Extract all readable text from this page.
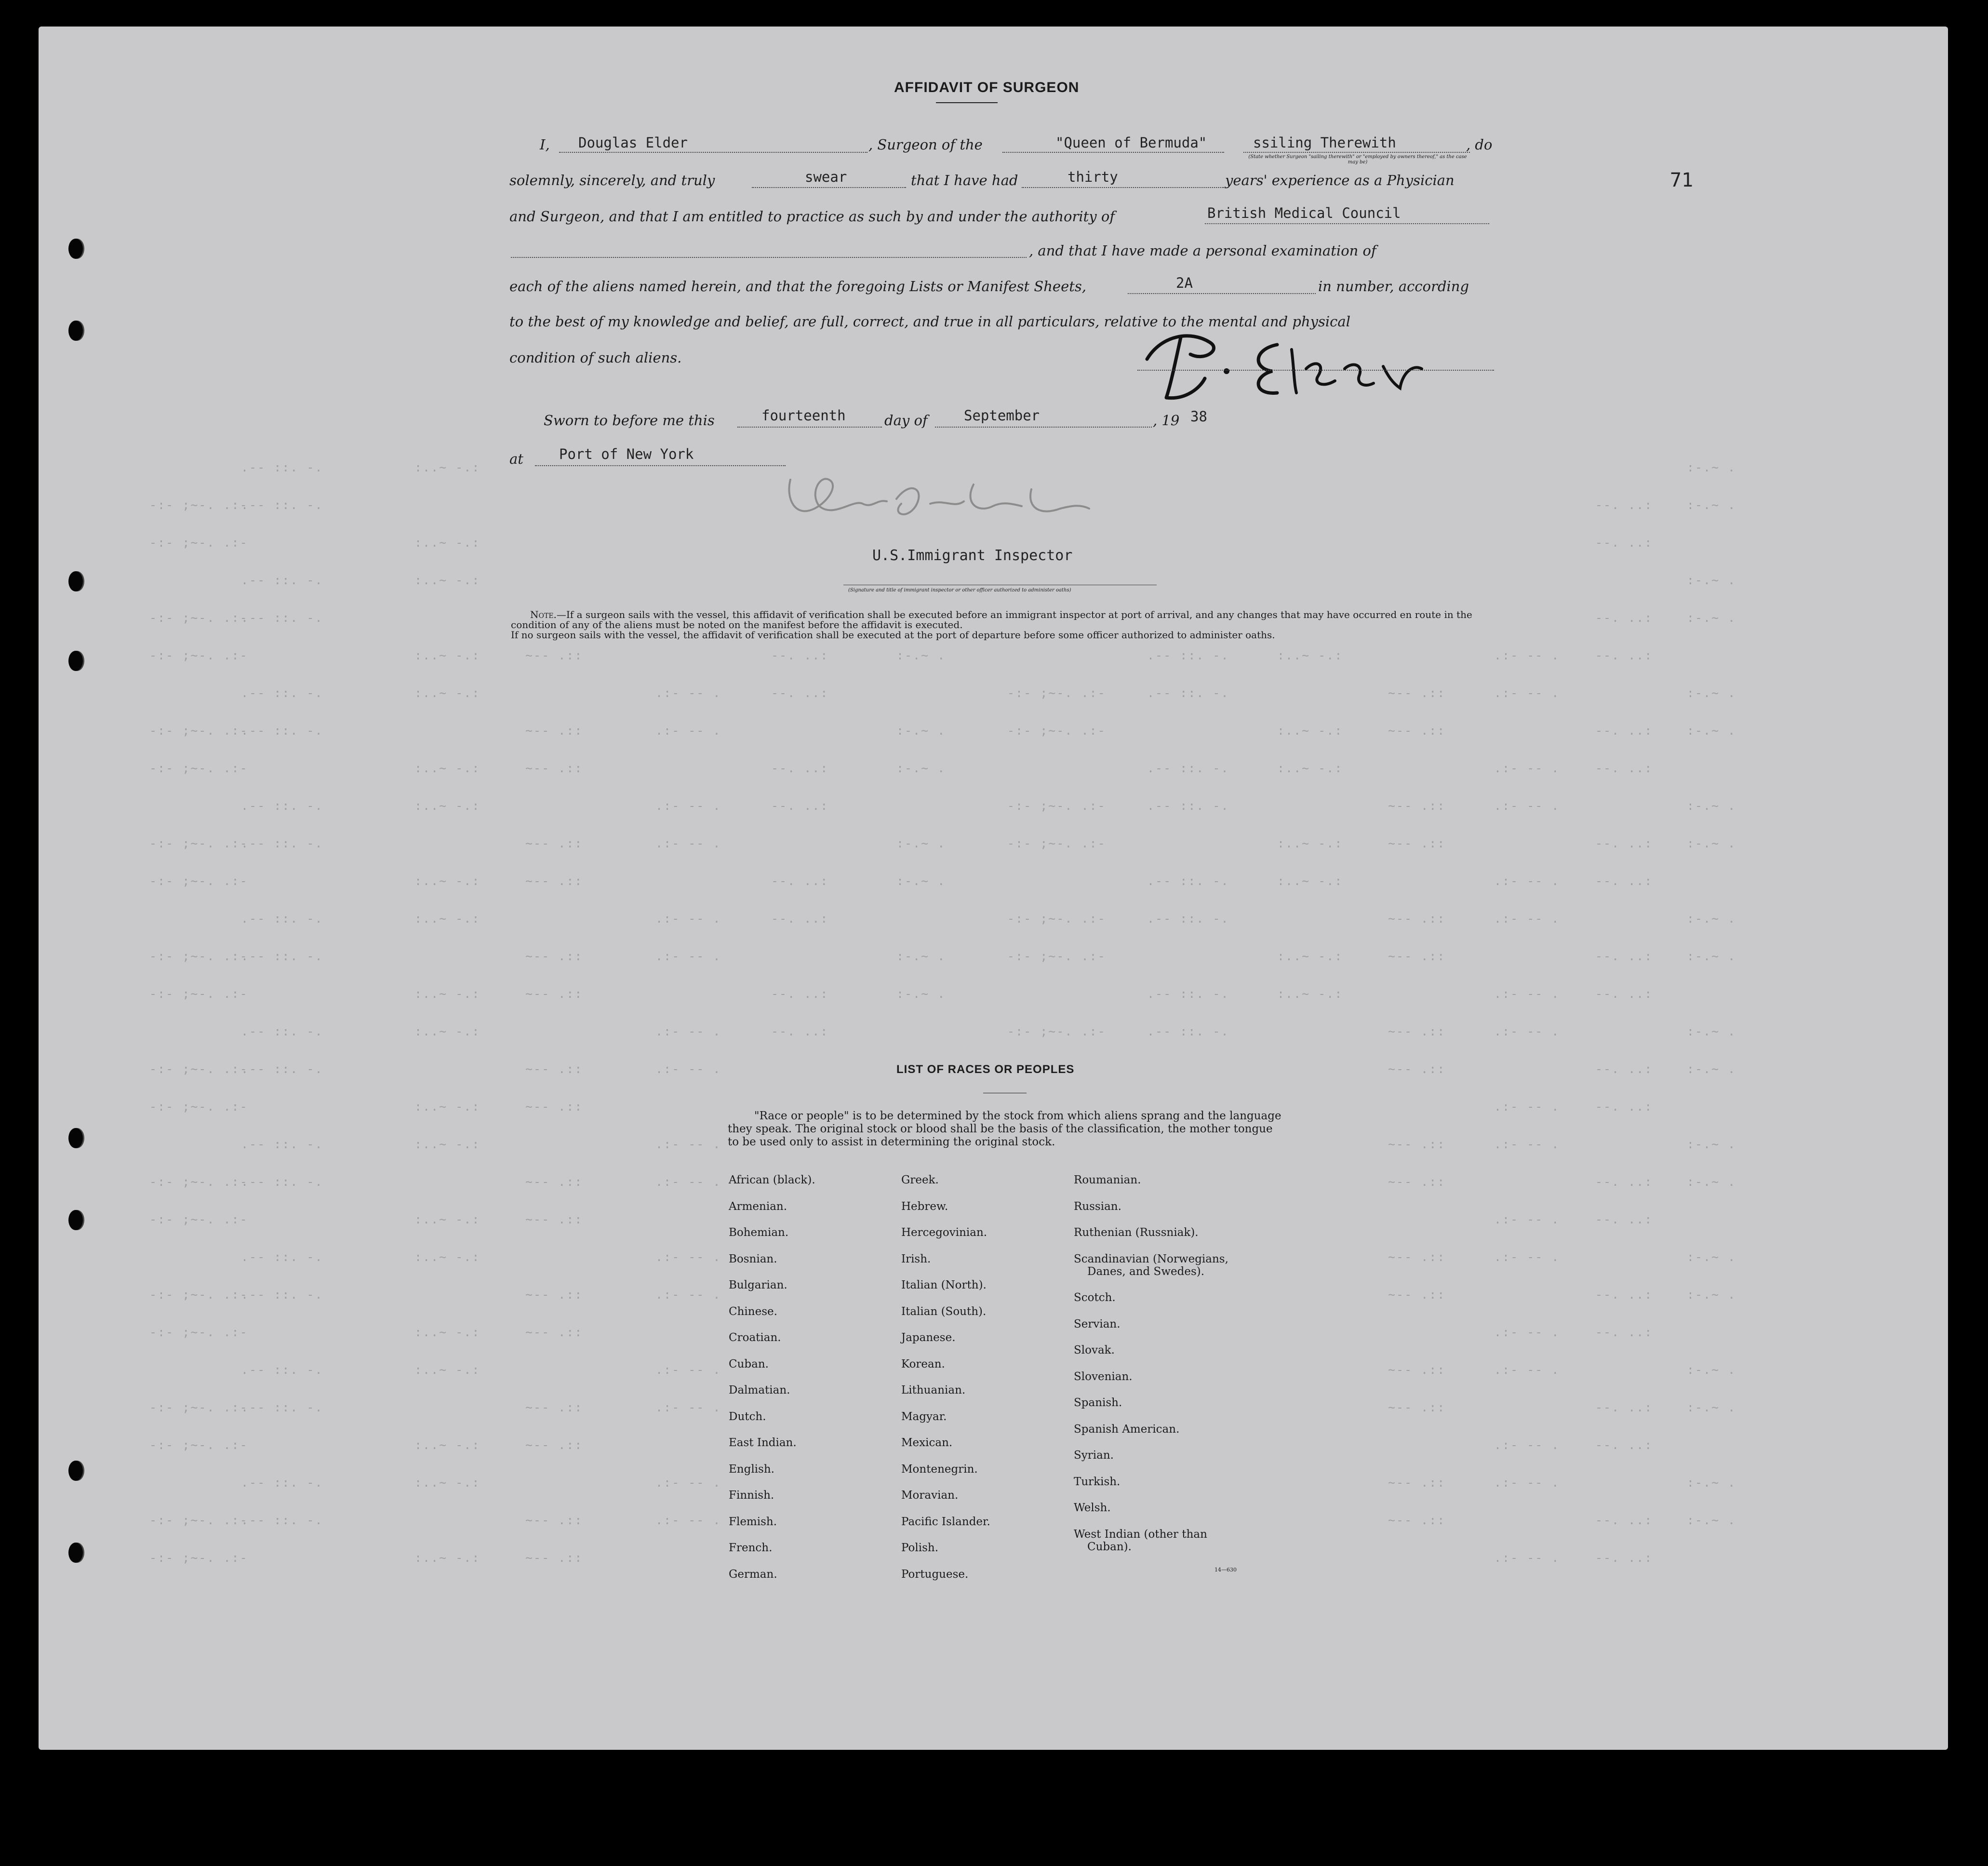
.-- ::. -.	:..~ -.:	:-.~ .
-:- ;~-. .:-
.-- ::. -.	--. ..:	:-.~ .
-:- ;~-. .:-	:..~ -.:	--. ..:
.-- ::. -.	:..~ -.:	:-.~ .
-:- ;~-. .:-
.-- ::. -.	--. ..:	:-.~ .
-:- ;~-. .:-	:..~ -.:	~-- .::	--. ..:	:-.~ .	.-- ::. -.	:..~ -.:	.:- -- .	--. ..:
.-- ::. -.	:..~ -.:	.:- -- .	--. ..:	-:- ;~-. .:-	.-- ::. -.	~-- .::	.:- -- .	:-.~ .
-:- ;~-. .:-
.-- ::. -.	~-- .::	.:- -- .	:-.~ .	-:- ;~-. .:-	:..~ -.:	~-- .::	--. ..:	:-.~ .
-:- ;~-. .:-	:..~ -.:	~-- .::	--. ..:	:-.~ .	.-- ::. -.	:..~ -.:	.:- -- .	--. ..:
.-- ::. -.	:..~ -.:	.:- -- .	--. ..:	-:- ;~-. .:-	.-- ::. -.	~-- .::	.:- -- .	:-.~ .
-:- ;~-. .:-
.-- ::. -.	~-- .::	.:- -- .	:-.~ .	-:- ;~-. .:-	:..~ -.:	~-- .::	--. ..:	:-.~ .
-:- ;~-. .:-	:..~ -.:	~-- .::	--. ..:	:-.~ .	.-- ::. -.	:..~ -.:	.:- -- .	--. ..:
.-- ::. -.	:..~ -.:	.:- -- .	--. ..:	-:- ;~-. .:-	.-- ::. -.	~-- .::	.:- -- .	:-.~ .
-:- ;~-. .:-
.-- ::. -.	~-- .::	.:- -- .	:-.~ .	-:- ;~-. .:-	:..~ -.:	~-- .::	--. ..:	:-.~ .
-:- ;~-. .:-	:..~ -.:	~-- .::	--. ..:	:-.~ .	.-- ::. -.	:..~ -.:	.:- -- .	--. ..:
.-- ::. -.	:..~ -.:	.:- -- .	--. ..:	-:- ;~-. .:-	.-- ::. -.	~-- .::	.:- -- .	:-.~ .
-:- ;~-. .:-
.-- ::. -.	~-- .::	.:- -- .	~-- .::	--. ..:	:-.~ .
-:- ;~-. .:-	:..~ -.:	~-- .::	.:- -- .	--. ..:
.-- ::. -.	:..~ -.:	.:- -- .	~-- .::	.:- -- .	:-.~ .
-:- ;~-. .:-
.-- ::. -.	~-- .::	.:- -- .	~-- .::	--. ..:	:-.~ .
-:- ;~-. .:-	:..~ -.:	~-- .::	.:- -- .	--. ..:
.-- ::. -.	:..~ -.:	.:- -- .	~-- .::	.:- -- .	:-.~ .
-:- ;~-. .:-
.-- ::. -.	~-- .::	.:- -- .	~-- .::	--. ..:	:-.~ .
-:- ;~-. .:-	:..~ -.:	~-- .::	.:- -- .	--. ..:
.-- ::. -.	:..~ -.:	.:- -- .	~-- .::	.:- -- .	:-.~ .
-:- ;~-. .:-
.-- ::. -.	~-- .::	.:- -- .	~-- .::	--. ..:	:-.~ .
-:- ;~-. .:-	:..~ -.:	~-- .::	.:- -- .	--. ..:
.-- ::. -.	:..~ -.:	.:- -- .	~-- .::	.:- -- .	:-.~ .
-:- ;~-. .:-
.-- ::. -.	~-- .::	.:- -- .	~-- .::	--. ..:	:-.~ .
-:- ;~-. .:-	:..~ -.:	~-- .::	.:- -- .	--. ..:
AFFIDAVIT OF SURGEON
71
I, Douglas Elder	, Surgeon of the	"Queen of Bermuda"	ssiling Therewith	, do
(State whether Surgeon "sailing therewith" or "employed by owners thereof," as the case may be)
solemnly, sincerely, and truly	swear	that I have had	thirty	years' experience as a Physician
and Surgeon, and that I am entitled to practice as such by and under the authority of	British Medical Council
, and that I have made a personal examination of
each of the aliens named herein, and that the foregoing Lists or Manifest Sheets,	2A	in number, according
to the best of my knowledge and belief, are full, correct, and true in all particulars, relative to the mental and physical
condition of such aliens.
Sworn to before me this	fourteenth	day of	September	, 19 38
at	Port of New York
U.S.Immigrant Inspector
(Signature and title of immigrant inspector or other officer authorized to administer oaths)
Note.—If a surgeon sails with the vessel, this affidavit of verification shall be executed before an immigrant inspector at port of arrival, and any changes that may have occurred en route in the condition of any of the aliens must be noted on the manifest before the affidavit is executed.
If no surgeon sails with the vessel, the affidavit of verification shall be executed at the port of departure before some officer authorized to administer oaths.
LIST OF RACES OR PEOPLES
"Race or people" is to be determined by the stock from which aliens sprang and the language they speak. The original stock or blood shall be the basis of the classification, the mother tongue to be used only to assist in determining the original stock.
African (black).
Armenian.
Bohemian.
Bosnian.
Bulgarian.
Chinese.
Croatian.
Cuban.
Dalmatian.
Dutch.
East Indian.
English.
Finnish.
Flemish.
French.
German.
Greek.
Hebrew.
Hercegovinian.
Irish.
Italian (North).
Italian (South).
Japanese.
Korean.
Lithuanian.
Magyar.
Mexican.
Montenegrin.
Moravian.
Pacific Islander.
Polish.
Portuguese.
Roumanian.
Russian.
Ruthenian (Russniak).
Scandinavian (Norwegians,
Danes, and Swedes).
Scotch.
Servian.
Slovak.
Slovenian.
Spanish.
Spanish American.
Syrian.
Turkish.
Welsh.
West Indian (other than
Cuban).
14—630
